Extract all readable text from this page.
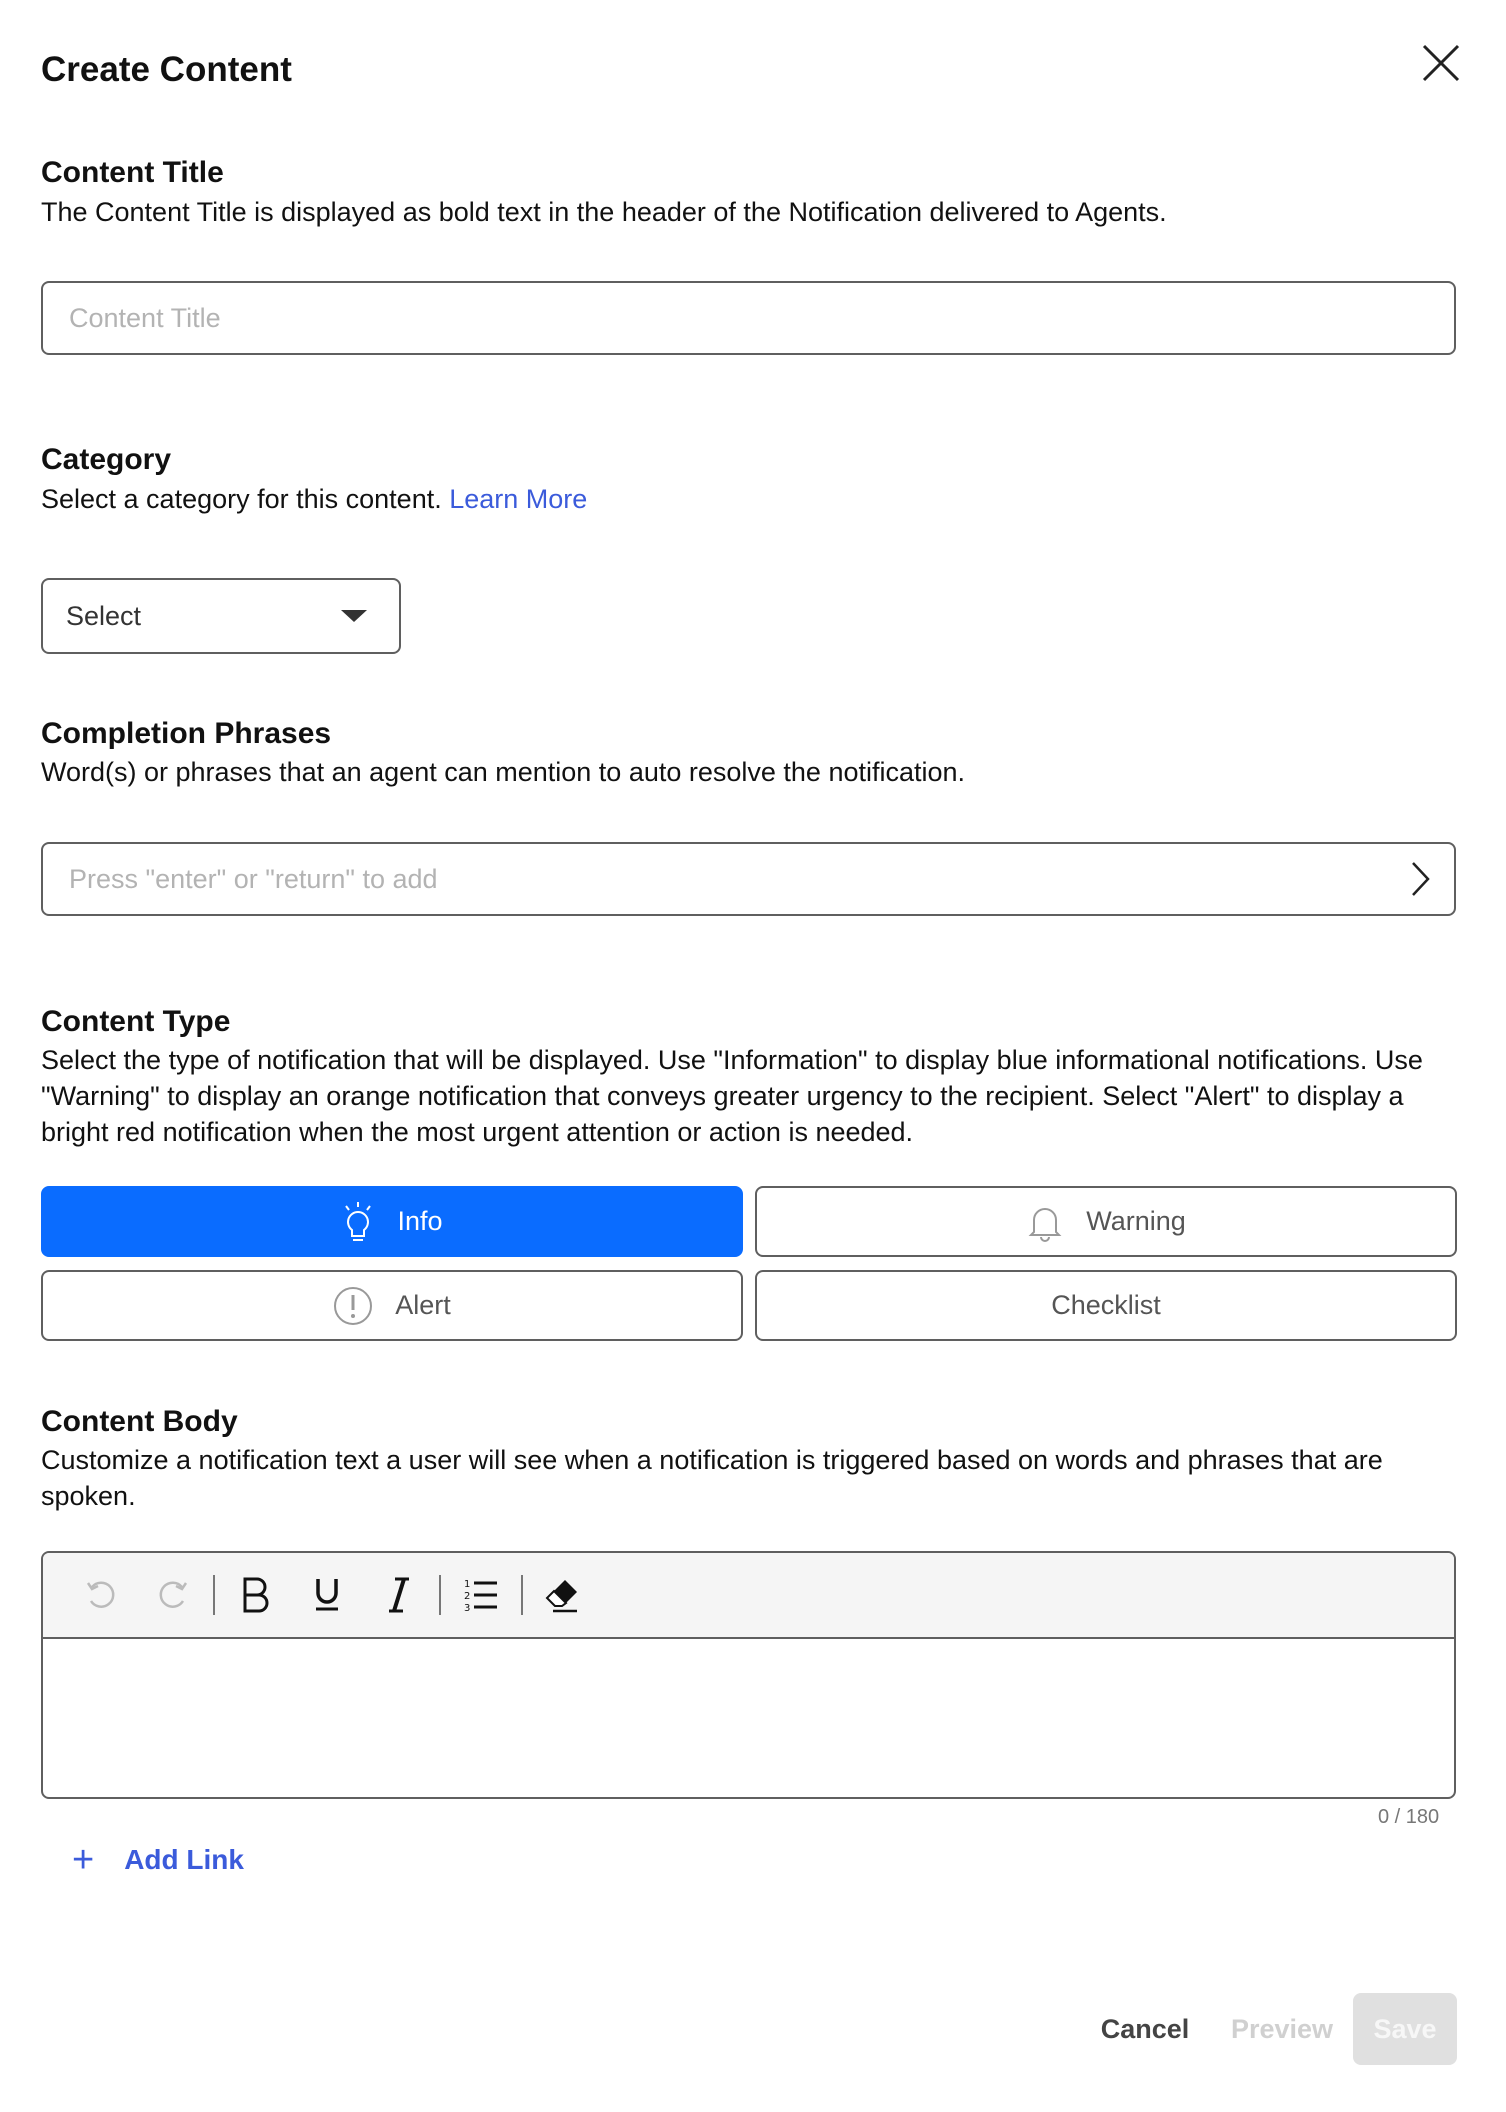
Create Content
Content Title
The Content Title is displayed as bold text in the header of the Notification delivered to Agents.
Content Title
Category
Select a category for this content. Learn More
Select
Completion Phrases
Word(s) or phrases that an agent can mention to auto resolve the notification.
Press "enter" or "return" to add
Content Type
Select the type of notification that will be displayed. Use "Information" to display blue informational notifications. Use "Warning" to display an orange notification that conveys greater urgency to the recipient. Select "Alert" to display a bright red notification when the most urgent attention or action is needed.
Info	Warning
Alert	Checklist
Content Body
Customize a notification text a user will see when a notification is triggered based on words and phrases that are spoken.
1
2
3
0 / 180
+ Add Link
Cancel	Preview	Save
